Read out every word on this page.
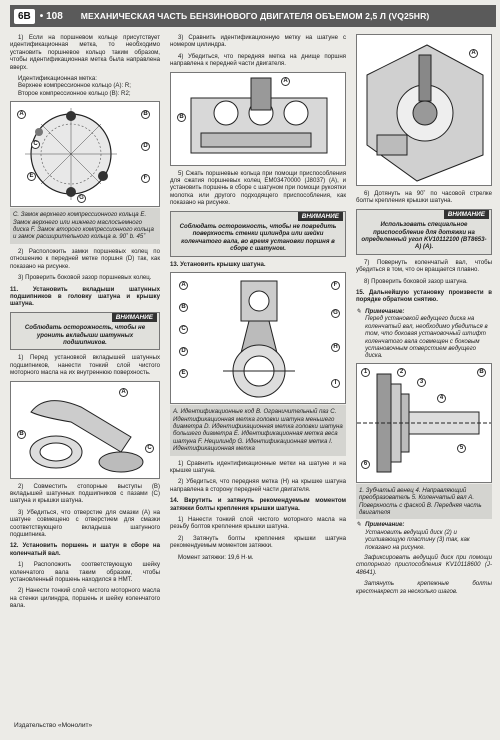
6В • 108 МЕХАНИЧЕСКАЯ ЧАСТЬ БЕНЗИНОВОГО ДВИГАТЕЛЯ ОБЪЕМОМ 2,5 Л (VQ25HR)

1) Если на поршневом кольце присутствует идентификационная метка, то необходимо установить поршневое кольцо таким образом, чтобы идентификационная метка была направлена вверх.

Идентификационная метка:
Верхнее компрессионное кольцо (A): R;
Второе компрессионное кольцо (B): R2;
A	B
C	D
E	F
G
C. Замок верхнего компрессионного кольца E. Замок верхнего или нижнего маслосъемного диска F. Замок второго компрессионного кольца и замок расширительного кольца а. 90˚ b. 45˚

2) Расположить замки поршневых колец по отношению к передней метке поршня (D) так, как показано на рисунке.

3) Проверить боковой зазор поршневых колец.

11. Установить вкладыши шатунных подшипников в головку шатуна и крышку шатуна.

ВНИМАНИЕ
Соблюдать осторожность, чтобы не уронить вкладыши шатунных подшипников.

1) Перед установкой вкладышей шатунных подшипников, нанести тонкий слой чистого моторного масла на их внутреннюю поверхность.

A
B
C

2) Совместить стопорные выступы (B) вкладышей шатунных подшипников с пазами (C) шатуна и крышки шатуна.

3) Убедиться, что отверстие для смазки (A) на шатуне совмещено с отверстием для смазки соответствующего вкладыша шатунного подшипника.

12. Установить поршень и шатун в сборе на коленчатый вал.

1) Расположить соответствующую шейку коленчатого вала таким образом, чтобы установленный поршень находился в НМТ.

2) Нанести тонкий слой чистого моторного масла на стенки цилиндра, поршень и шейку коленчатого вала.

3) Сравнить идентификационную метку на шатуне с номером цилиндра.

4) Убедиться, что передняя метка на днище поршня направлена к передней части двигателя.

A
B

5) Сжать поршневые кольца при помощи приспособления для сжатия поршневых колец EM03470000 (J8037) (A), и установить поршень в сборе с шатуном при помощи рукоятки молотка или другого подходящего приспособления, как показано на рисунке.

ВНИМАНИЕ
Соблюдать осторожность, чтобы не повредить поверхность стенки цилиндра или шейки коленчатого вала, во время установки поршня в сборе с шатуном.

13. Установить крышку шатуна.

A
B
C
D
E
F
G
H
I
A. Идентификационные код B. Ограничительный паз C. Идентификационная метка головки шатуна меньшего диаметра D. Идентификационная метка головки шатуна большего диаметра E. Идентификационная метка веса шатуна F. Нецилиндр G. Идентификационная метка I. Идентификационная метка

1) Сравнить идентификационные метки на шатуне и на крышке шатуна.

2) Убедиться, что передняя метка (H) на крышке шатуна направлена в сторону передней части двигателя.

14. Вкрутить и затянуть рекомендуемым моментом затяжки болты крепления крышки шатуна.

1) Нанести тонкий слой чистого моторного масла на резьбу болтов крепления крышки шатуна.

2) Затянуть болты крепления крышки шатуна рекомендуемым моментом затяжки.

Момент затяжки: 19,6 Н·м.

A

6) Дотянуть на 90˚ по часовой стрелке болты крепления крышки шатуна.

ВНИМАНИЕ
Использовать специальное приспособление для дотяжки на определенный угол KV10112100 (BT8653-A) (A).

7) Повернуть коленчатый вал, чтобы убедиться в том, что он вращается плавно.

8) Проверить боковой зазор шатуна.

15. Дальнейшую установку произвести в порядке обратном снятию.

✎ Примечание:
Перед установкой ведущего диска на коленчатый вал, необходимо убедиться в том, что боковая установочный штифт коленчатого вала совмещен с боковым установочным отверстием ведущего диска.
1	2
3
4
5
6
B
1. Зубчатый венец 4. Направляющий преобразователь 5. Коленчатый вал A. Поверхность с фаской B. Передняя часть двигателя
✎ Примечание:
Установить ведущий диск (2) и усиливающую пластину (3) так, как показано на рисунке.

Зафиксировать ведущий диск при помощи стопорного приспособления KV10118600 (J-48641).

Затянуть крепежные болты крестнакрест за несколько шагов.

Издательство «Монолит»
